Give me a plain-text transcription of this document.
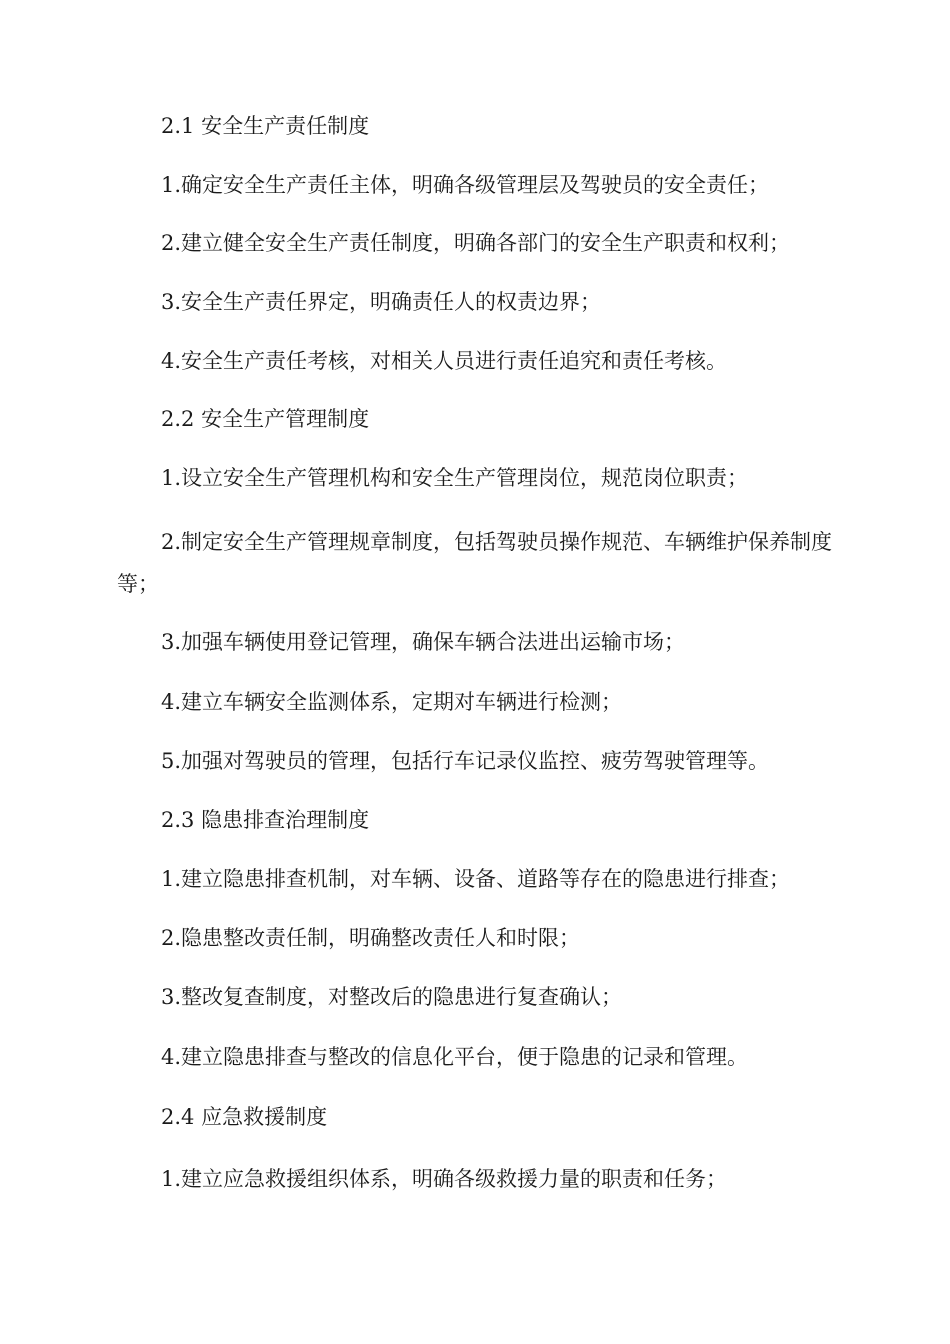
2.1 安全生产责任制度

1.确定安全生产责任主体，明确各级管理层及驾驶员的安全责任；

2.建立健全安全生产责任制度，明确各部门的安全生产职责和权利；

3.安全生产责任界定，明确责任人的权责边界；

4.安全生产责任考核，对相关人员进行责任追究和责任考核。

2.2 安全生产管理制度

1.设立安全生产管理机构和安全生产管理岗位，规范岗位职责；

2.制定安全生产管理规章制度，包括驾驶员操作规范、车辆维护保养制度等；

3.加强车辆使用登记管理，确保车辆合法进出运输市场；

4.建立车辆安全监测体系，定期对车辆进行检测；

5.加强对驾驶员的管理，包括行车记录仪监控、疲劳驾驶管理等。

2.3 隐患排查治理制度

1.建立隐患排查机制，对车辆、设备、道路等存在的隐患进行排查；

2.隐患整改责任制，明确整改责任人和时限；

3.整改复查制度，对整改后的隐患进行复查确认；

4.建立隐患排查与整改的信息化平台，便于隐患的记录和管理。

2.4 应急救援制度

1.建立应急救援组织体系，明确各级救援力量的职责和任务；
